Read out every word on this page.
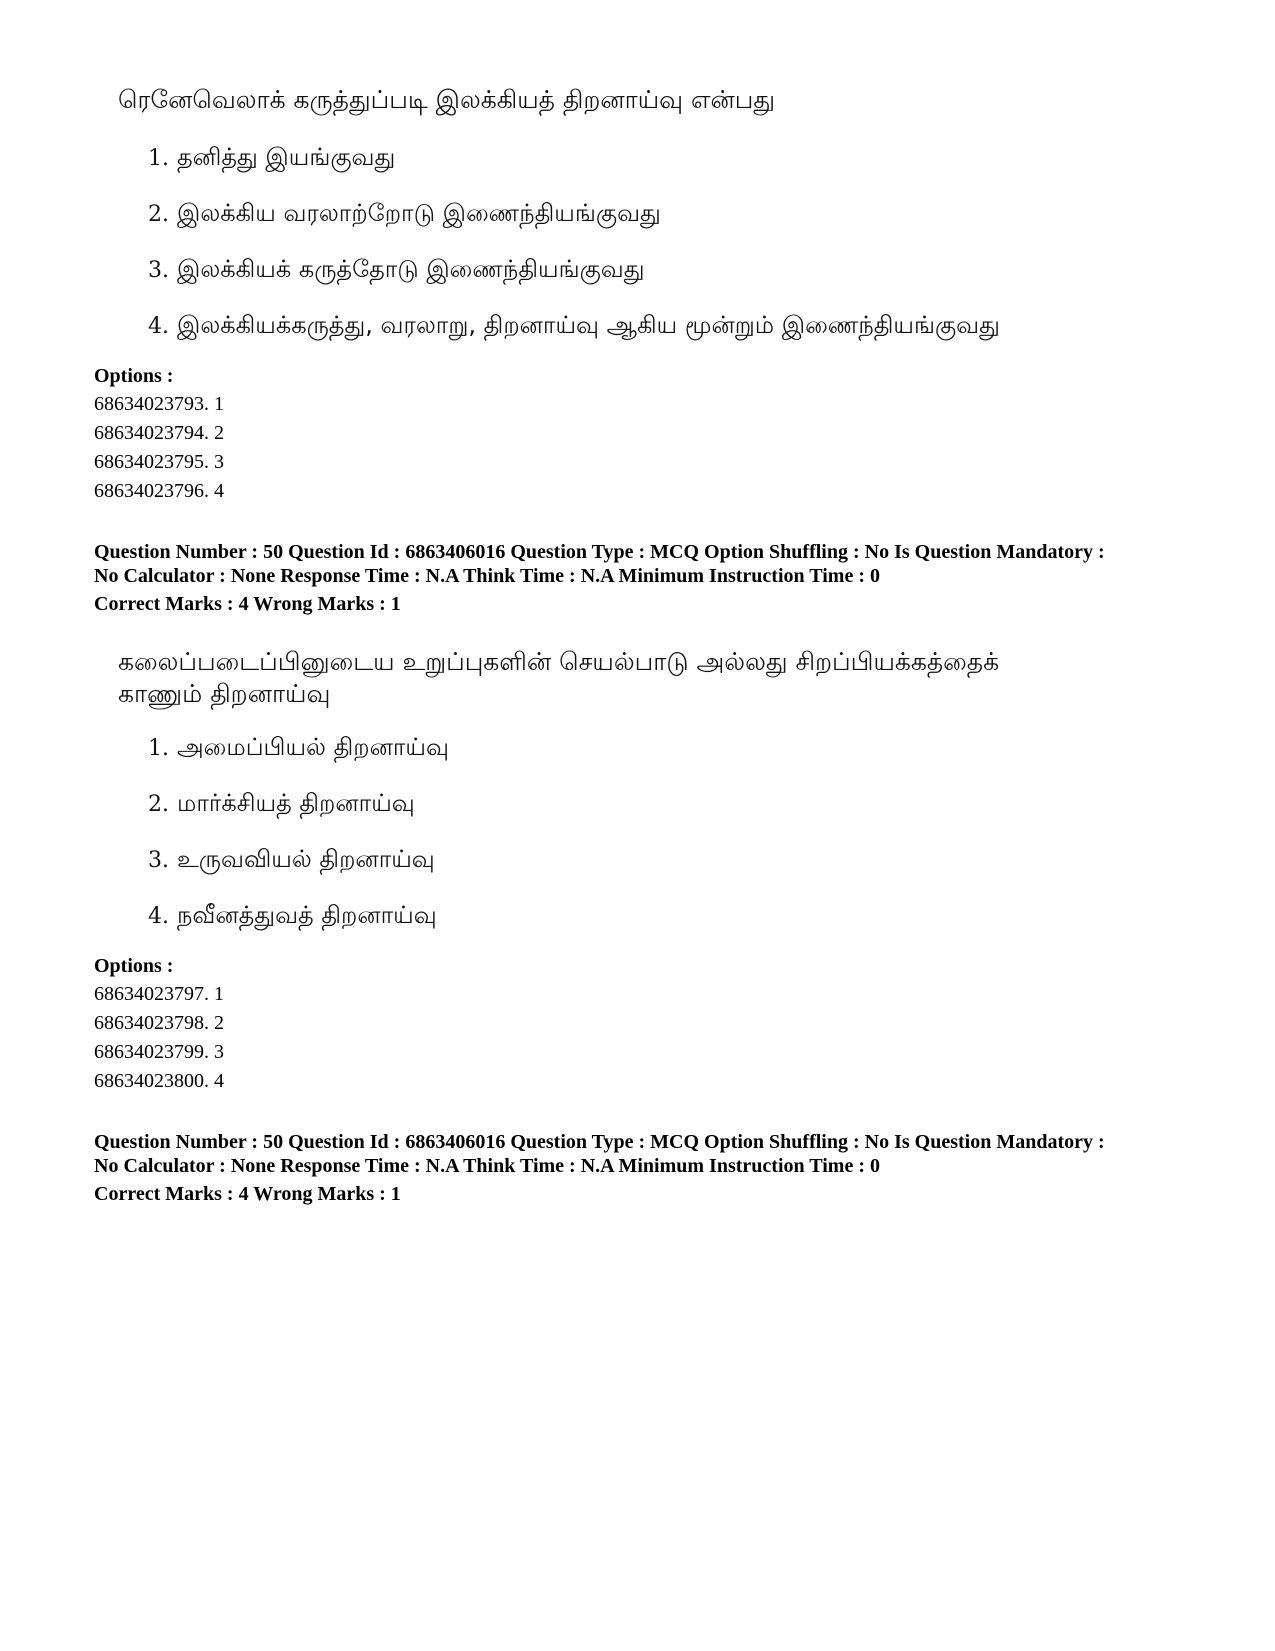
ரெனேவெலாக் கருத்துப்படி இலக்கியத் திறனாய்வு என்பது
1. தனித்து இயங்குவது
2. இலக்கிய வரலாற்றோடு இணைந்தியங்குவது
3. இலக்கியக் கருத்தோடு இணைந்தியங்குவது
4. இலக்கியக்கருத்து, வரலாறு, திறனாய்வு ஆகிய மூன்றும் இணைந்தியங்குவது
Options :
68634023793. 1
68634023794. 2
68634023795. 3
68634023796. 4
Question Number : 50 Question Id : 6863406016 Question Type : MCQ Option Shuffling : No Is Question Mandatory :
No Calculator : None Response Time : N.A Think Time : N.A Minimum Instruction Time : 0
Correct Marks : 4 Wrong Marks : 1
கலைப்படைப்பினுடைய உறுப்புகளின் செயல்பாடு அல்லது சிறப்பியக்கத்தைக்
காணும் திறனாய்வு
1. அமைப்பியல் திறனாய்வு
2. மார்க்சியத் திறனாய்வு
3. உருவவியல் திறனாய்வு
4. நவீனத்துவத் திறனாய்வு
Options :
68634023797. 1
68634023798. 2
68634023799. 3
68634023800. 4
Question Number : 50 Question Id : 6863406016 Question Type : MCQ Option Shuffling : No Is Question Mandatory :
No Calculator : None Response Time : N.A Think Time : N.A Minimum Instruction Time : 0
Correct Marks : 4 Wrong Marks : 1
